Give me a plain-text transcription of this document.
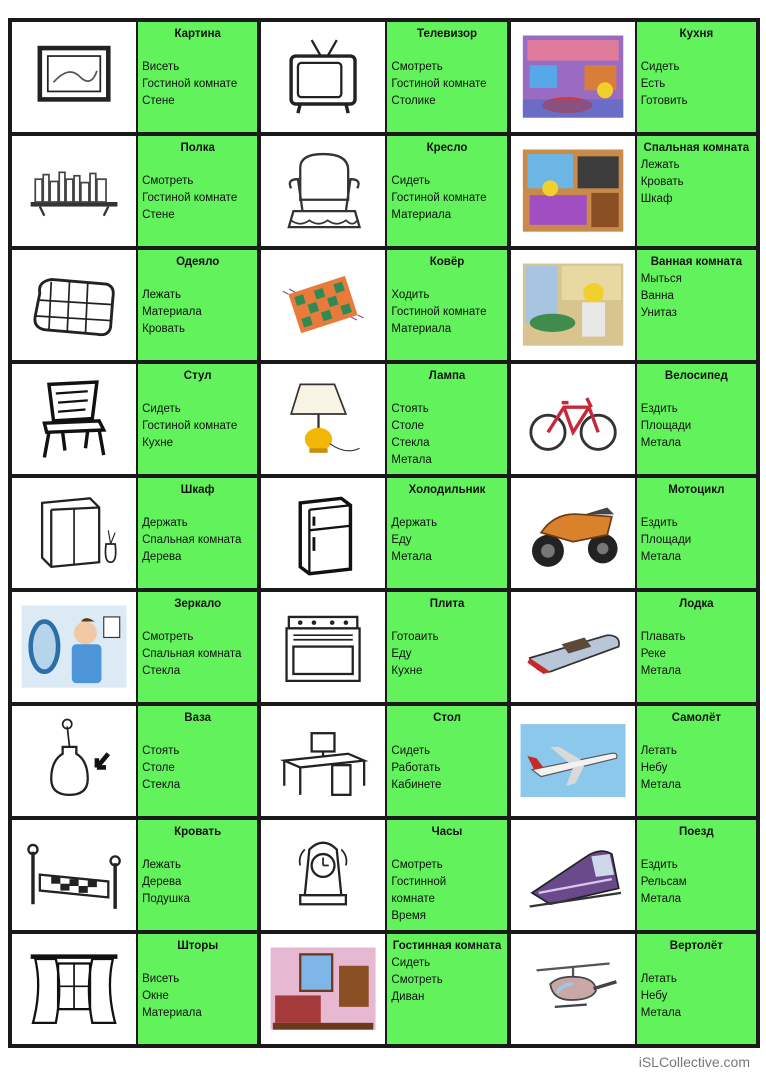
Картина
Висеть
Гостиной комнате
Стене
Телевизор
Смотреть
Гостиной комнате
Столике
Кухня
Сидеть
Есть
Готовить
Полка
Смотреть
Гостиной комнате
Стене
Кресло
Сидеть
Гостиной комнате
Материала
Спальная комната
Лежать
Кровать
Шкаф
Одеяло
Лежать
Материала
Кровать
Ковёр
Ходить
Гостиной комнате
Материала
Ванная комната
Мыться
Ванна
Унитаз
Стул
Сидеть
Гостиной комнате
Кухне
Лампа
Стоять
Столе
Стекла
Метала
Велосипед
Ездить
Площади
Метала
Шкаф
Держать
Спальная комната
Дерева
Холодильник
Держать
Еду
Метала
Мотоцикл
Ездить
Площади
Метала
Зеркало
Смотреть
Спальная комната
Стекла
Плита
Готоаить
Еду
Кухне
Лодка
Плавать
Реке
Метала
Ваза
Стоять
Столе
Стекла
Стол
Сидеть
Работать
Кабинете
Самолёт
Летать
Небу
Метала
Кровать
Лежать
Дерева
Подушка
Часы
Смотреть
Гостинной
комнате
Время
Поезд
Ездить
Рельсам
Метала
Шторы
Висеть
Окне
Материала
Гостинная комната
Сидеть
Смотреть
Диван
Вертолёт
Летать
Небу
Метала
iSLCollective.com
